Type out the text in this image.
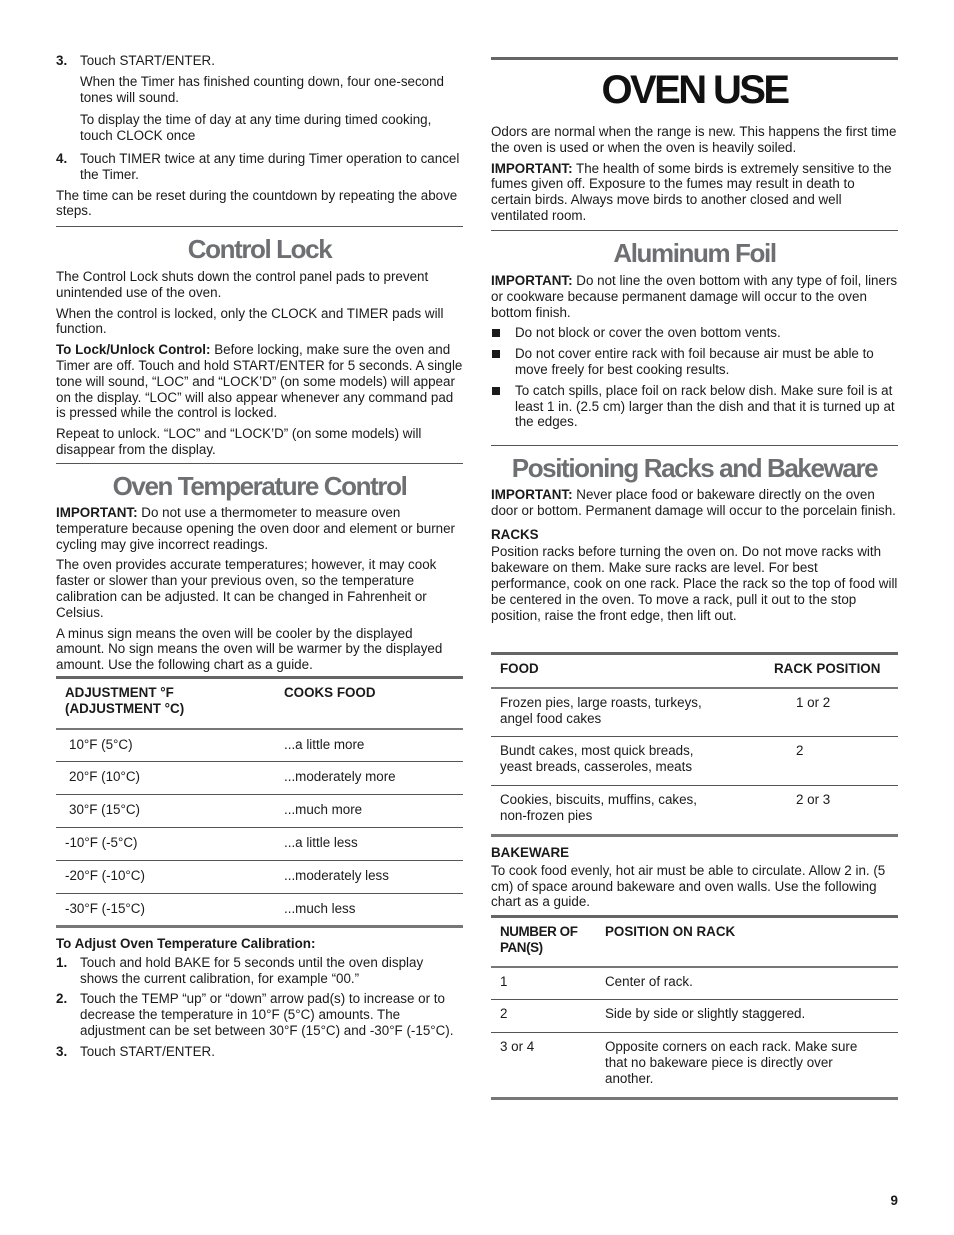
3. Touch START/ENTER.

When the Timer has finished counting down, four one-second tones will sound.

To display the time of day at any time during timed cooking, touch CLOCK once

4. Touch TIMER twice at any time during Timer operation to cancel the Timer.

The time can be reset during the countdown by repeating the above steps.

Control Lock

The Control Lock shuts down the control panel pads to prevent unintended use of the oven.

When the control is locked, only the CLOCK and TIMER pads will function.

To Lock/Unlock Control: Before locking, make sure the oven and Timer are off. Touch and hold START/ENTER for 5 seconds. A single tone will sound, “LOC” and “LOCK’D” (on some models) will appear on the display. “LOC” will also appear whenever any command pad is pressed while the control is locked.

Repeat to unlock. “LOC” and “LOCK’D” (on some models) will disappear from the display.

Oven Temperature Control

IMPORTANT: Do not use a thermometer to measure oven temperature because opening the oven door and element or burner cycling may give incorrect readings.

The oven provides accurate temperatures; however, it may cook faster or slower than your previous oven, so the temperature calibration can be adjusted. It can be changed in Fahrenheit or Celsius.

A minus sign means the oven will be cooler by the displayed amount. No sign means the oven will be warmer by the displayed amount. Use the following chart as a guide.

ADJUSTMENT °F
(ADJUSTMENT °C)	COOKS FOOD
10°F (5°C)	...a little more
20°F (10°C)	...moderately more
30°F (15°C)	...much more
-10°F (-5°C)	...a little less
-20°F (-10°C)	...moderately less
-30°F (-15°C)	...much less

To Adjust Oven Temperature Calibration:

1. Touch and hold BAKE for 5 seconds until the oven display shows the current calibration, for example “00.”

2. Touch the TEMP “up” or “down” arrow pad(s) to increase or to decrease the temperature in 10°F (5°C) amounts. The adjustment can be set between 30°F (15°C) and -30°F (-15°C).

3. Touch START/ENTER.

OVEN USE

Odors are normal when the range is new. This happens the first time the oven is used or when the oven is heavily soiled.

IMPORTANT: The health of some birds is extremely sensitive to the fumes given off. Exposure to the fumes may result in death to certain birds. Always move birds to another closed and well ventilated room.

Aluminum Foil

IMPORTANT: Do not line the oven bottom with any type of foil, liners or cookware because permanent damage will occur to the oven bottom finish.

Do not block or cover the oven bottom vents.

Do not cover entire rack with foil because air must be able to move freely for best cooking results.

To catch spills, place foil on rack below dish. Make sure foil is at least 1 in. (2.5 cm) larger than the dish and that it is turned up at the edges.

Positioning Racks and Bakeware

IMPORTANT: Never place food or bakeware directly on the oven door or bottom. Permanent damage will occur to the porcelain finish.

RACKS

Position racks before turning the oven on. Do not move racks with bakeware on them. Make sure racks are level. For best performance, cook on one rack. Place the rack so the top of food will be centered in the oven. To move a rack, pull it out to the stop position, raise the front edge, then lift out.

FOOD	RACK POSITION
Frozen pies, large roasts, turkeys, angel food cakes	1 or 2
Bundt cakes, most quick breads, yeast breads, casseroles, meats	2
Cookies, biscuits, muffins, cakes, non-frozen pies	2 or 3

BAKEWARE

To cook food evenly, hot air must be able to circulate. Allow 2 in. (5 cm) of space around bakeware and oven walls. Use the following chart as a guide.

NUMBER OF
PAN(S)	POSITION ON RACK
1	Center of rack.
2	Side by side or slightly staggered.
3 or 4	Opposite corners on each rack. Make sure that no bakeware piece is directly over another.
9
